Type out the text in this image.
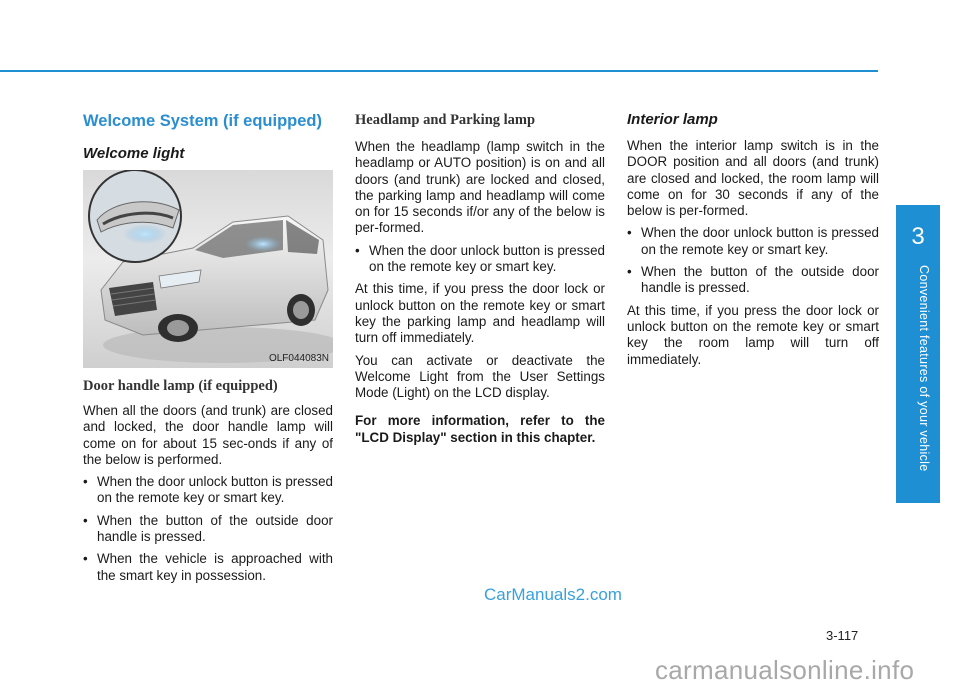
3
Convenient features of your vehicle
Welcome System (if equipped)
Welcome light
OLF044083N
Door handle lamp (if equipped)

When all the doors (and trunk) are closed and locked, the door handle lamp will come on for about 15 sec-onds if any of the below is performed.

• When the door unlock button is pressed on the remote key or smart key.
• When the button of the outside door handle is pressed.
• When the vehicle is approached with the smart key in possession.
Headlamp and Parking lamp

When the headlamp (lamp switch in the headlamp or AUTO position) is on and all doors (and trunk) are locked and closed, the parking lamp and headlamp will come on for 15 seconds if/or any of the below is per-formed.

• When the door unlock button is pressed on the remote key or smart key.

At this time, if you press the door lock or unlock button on the remote key or smart key the parking lamp and headlamp will turn off immediately.

You can activate or deactivate the Welcome Light from the User Settings Mode (Light) on the LCD display.

For more information, refer to the "LCD Display" section in this chapter.

Interior lamp

When the interior lamp switch is in the DOOR position and all doors (and trunk) are closed and locked, the room lamp will come on for 30 seconds if any of the below is per-formed.

• When the door unlock button is pressed on the remote key or smart key.
• When the button of the outside door handle is pressed.

At this time, if you press the door lock or unlock button on the remote key or smart key the room lamp will turn off immediately.

CarManuals2.com
3-117
carmanualsonline.info
